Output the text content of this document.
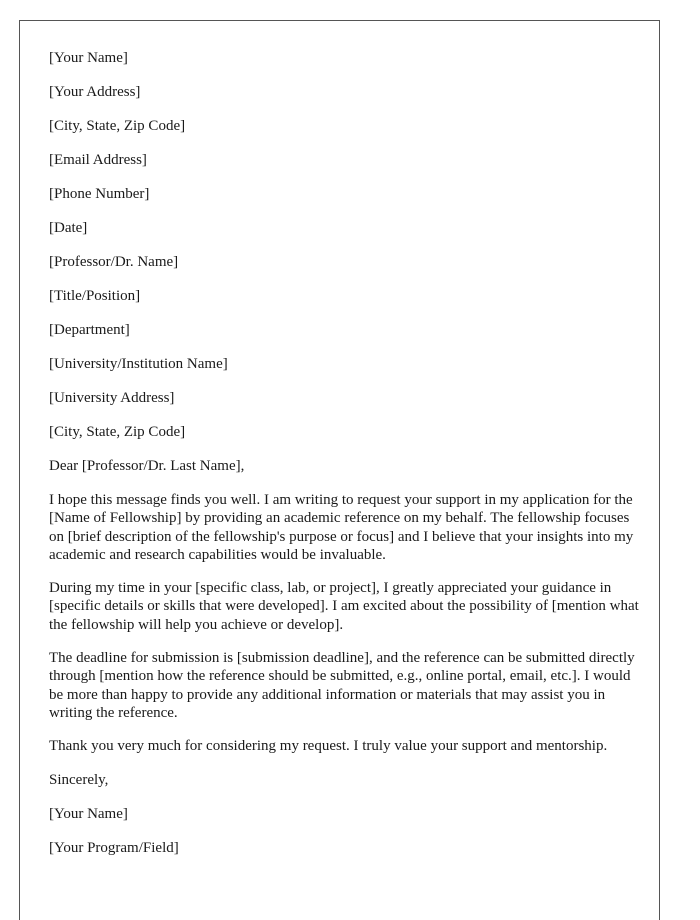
[Your Name]
[Your Address]
[City, State, Zip Code]
[Email Address]
[Phone Number]
[Date]
[Professor/Dr. Name]
[Title/Position]
[Department]
[University/Institution Name]
[University Address]
[City, State, Zip Code]
Dear [Professor/Dr. Last Name],

I hope this message finds you well. I am writing to request your support in my application for the [Name of Fellowship] by providing an academic reference on my behalf. The fellowship focuses on [brief description of the fellowship's purpose or focus] and I believe that your insights into my academic and research capabilities would be invaluable.

During my time in your [specific class, lab, or project], I greatly appreciated your guidance in [specific details or skills that were developed]. I am excited about the possibility of [mention what the fellowship will help you achieve or develop].

The deadline for submission is [submission deadline], and the reference can be submitted directly through [mention how the reference should be submitted, e.g., online portal, email, etc.]. I would be more than happy to provide any additional information or materials that may assist you in writing the reference.

Thank you very much for considering my request. I truly value your support and mentorship.

Sincerely,
[Your Name]
[Your Program/Field]
